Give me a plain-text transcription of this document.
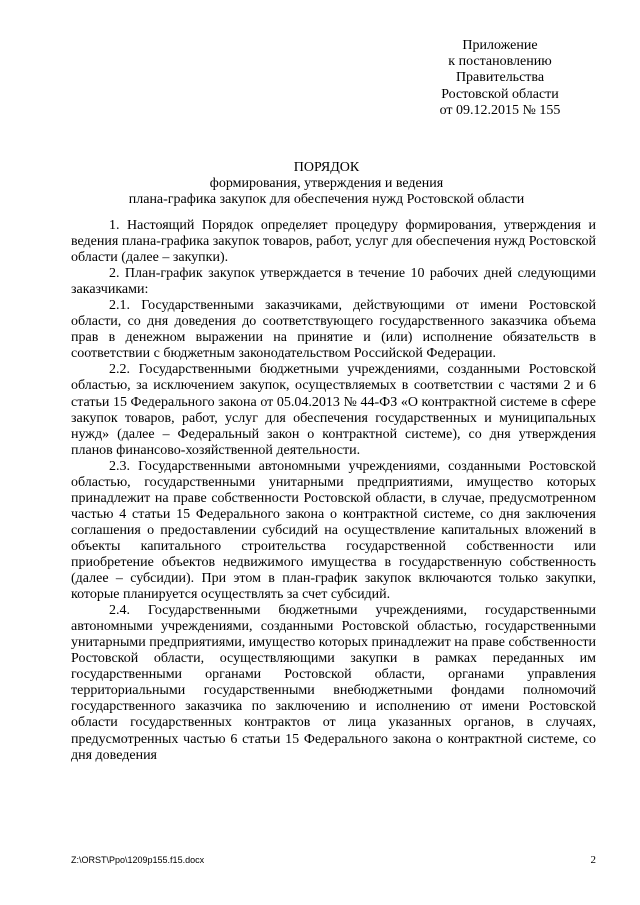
Приложение
к постановлению
Правительства
Ростовской области
от 09.12.2015 № 155
ПОРЯДОК
формирования, утверждения и ведения
плана-графика закупок для обеспечения нужд Ростовской области

1. Настоящий Порядок определяет процедуру формирования, утверждения и ведения плана-графика закупок товаров, работ, услуг для обеспечения нужд Ростовской области (далее – закупки).

2. План-график закупок утверждается в течение 10 рабочих дней следующими заказчиками:

2.1. Государственными заказчиками, действующими от имени Ростовской области, со дня доведения до соответствующего государственного заказчика объема прав в денежном выражении на принятие и (или) исполнение обязательств в соответствии с бюджетным законодательством Российской Федерации.

2.2. Государственными бюджетными учреждениями, созданными Ростовской областью, за исключением закупок, осуществляемых в соответствии с частями 2 и 6 статьи 15 Федерального закона от 05.04.2013 № 44-ФЗ «О контрактной системе в сфере закупок товаров, работ, услуг для обеспечения государственных и муниципальных нужд» (далее – Федеральный закон о контрактной системе), со дня утверждения планов финансово-хозяйственной деятельности.

2.3. Государственными автономными учреждениями, созданными Ростовской областью, государственными унитарными предприятиями, имущество которых принадлежит на праве собственности Ростовской области, в случае, предусмотренном частью 4 статьи 15 Федерального закона о контрактной системе, со дня заключения соглашения о предоставлении субсидий на осуществление капитальных вложений в объекты капитального строительства государственной собственности или приобретение объектов недвижимого имущества в государственную собственность (далее – субсидии). При этом в план-график закупок включаются только закупки, которые планируется осуществлять за счет субсидий.

2.4. Государственными бюджетными учреждениями, государственными автономными учреждениями, созданными Ростовской областью, государственными унитарными предприятиями, имущество которых принадлежит на праве собственности Ростовской области, осуществляющими закупки в рамках переданных им государственными органами Ростовской области, органами управления территориальными государственными внебюджетными фондами полномочий государственного заказчика по заключению и исполнению от имени Ростовской области государственных контрактов от лица указанных органов, в случаях, предусмотренных частью 6 статьи 15 Федерального закона о контрактной системе, со дня доведения

Z:\ORST\Ppo\1209p155.f15.docx	2
